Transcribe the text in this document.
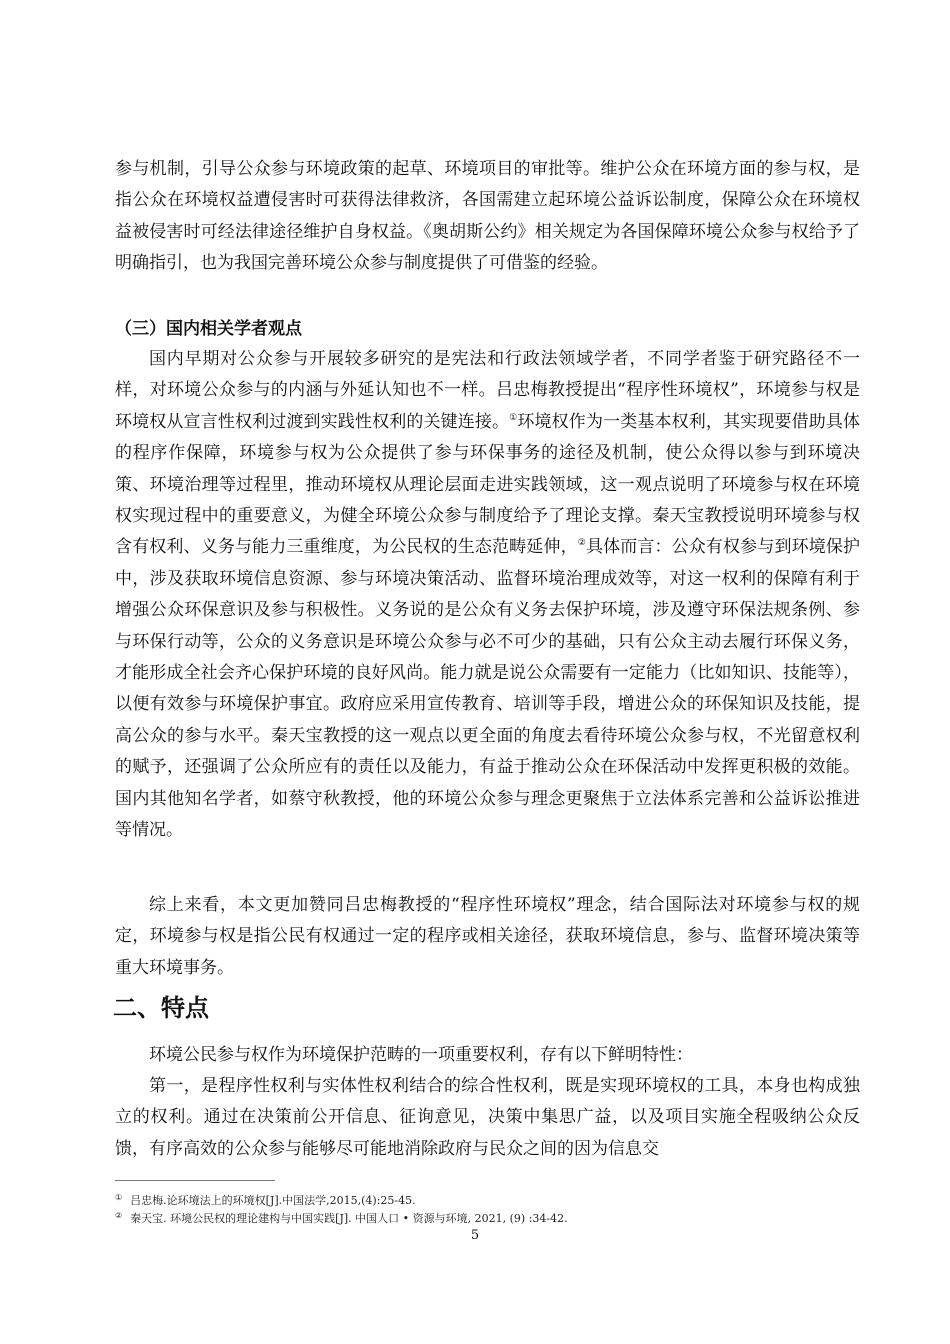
参与机制，引导公众参与环境政策的起草、环境项目的审批等。维护公众在环境方面的参与权，是指公众在环境权益遭侵害时可获得法律救济，各国需建立起环境公益诉讼制度，保障公众在环境权益被侵害时可经法律途径维护自身权益。《奥胡斯公约》相关规定为各国保障环境公众参与权给予了明确指引，也为我国完善环境公众参与制度提供了可借鉴的经验。

（三）国内相关学者观点

国内早期对公众参与开展较多研究的是宪法和行政法领域学者，不同学者鉴于研究路径不一样，对环境公众参与的内涵与外延认知也不一样。吕忠梅教授提出“程序性环境权”，环境参与权是环境权从宣言性权利过渡到实践性权利的关键连接。①环境权作为一类基本权利，其实现要借助具体的程序作保障，环境参与权为公众提供了参与环保事务的途径及机制，使公众得以参与到环境决策、环境治理等过程里，推动环境权从理论层面走进实践领域，这一观点说明了环境参与权在环境权实现过程中的重要意义，为健全环境公众参与制度给予了理论支撑。秦天宝教授说明环境参与权含有权利、义务与能力三重维度，为公民权的生态范畴延伸，②具体而言：公众有权参与到环境保护中，涉及获取环境信息资源、参与环境决策活动、监督环境治理成效等，对这一权利的保障有利于增强公众环保意识及参与积极性。义务说的是公众有义务去保护环境，涉及遵守环保法规条例、参与环保行动等，公众的义务意识是环境公众参与必不可少的基础，只有公众主动去履行环保义务，才能形成全社会齐心保护环境的良好风尚。能力就是说公众需要有一定能力（比如知识、技能等），以便有效参与环境保护事宜。政府应采用宣传教育、培训等手段，增进公众的环保知识及技能，提高公众的参与水平。秦天宝教授的这一观点以更全面的角度去看待环境公众参与权，不光留意权利的赋予，还强调了公众所应有的责任以及能力，有益于推动公众在环保活动中发挥更积极的效能。国内其他知名学者，如蔡守秋教授，他的环境公众参与理念更聚焦于立法体系完善和公益诉讼推进等情况。

综上来看，本文更加赞同吕忠梅教授的“程序性环境权”理念，结合国际法对环境参与权的规定，环境参与权是指公民有权通过一定的程序或相关途径，获取环境信息，参与、监督环境决策等重大环境事务。

二、特点

环境公民参与权作为环境保护范畴的一项重要权利，存有以下鲜明特性：

第一，是程序性权利与实体性权利结合的综合性权利，既是实现环境权的工具，本身也构成独立的权利。通过在决策前公开信息、征询意见，决策中集思广益，以及项目实施全程吸纳公众反馈，有序高效的公众参与能够尽可能地消除政府与民众之间的因为信息交

① 吕忠梅.论环境法上的环境权[J].中国法学,2015,(4):25-45.

② 秦天宝. 环境公民权的理论建构与中国实践[J]. 中国人口 • 资源与环境, 2021, (9) :34-42.

5
